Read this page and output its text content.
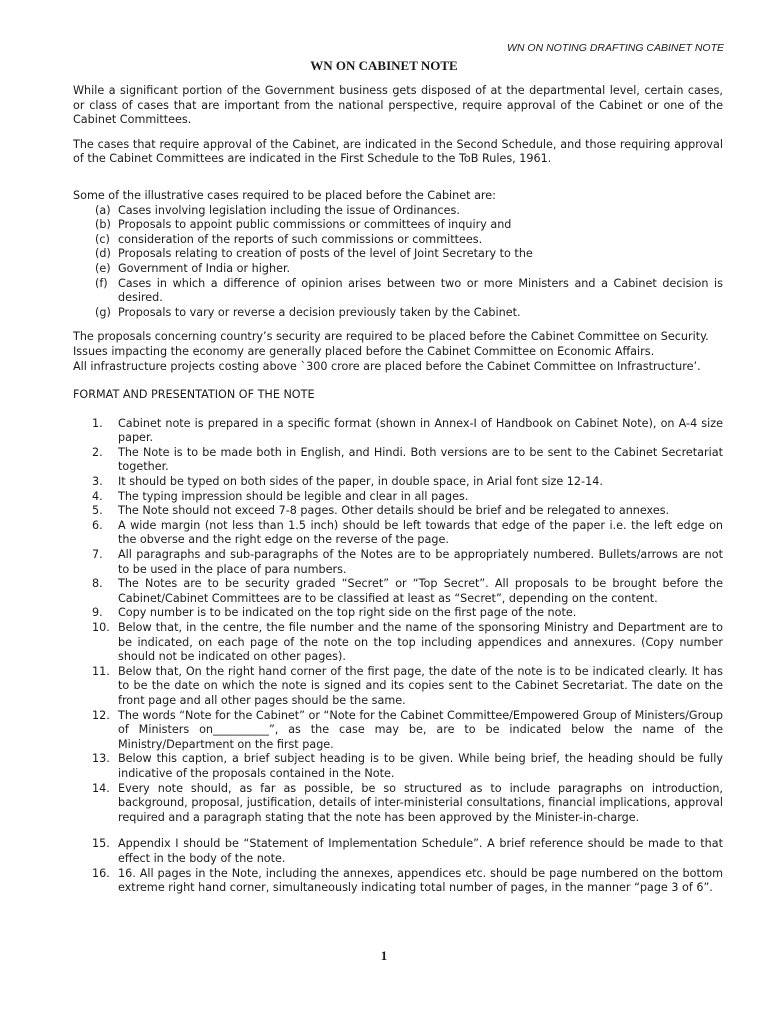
WN ON NOTING DRAFTING CABINET NOTE
WN ON CABINET NOTE

While a significant portion of the Government business gets disposed of at the departmental level, certain cases, or class of cases that are important from the national perspective, require approval of the Cabinet or one of the Cabinet Committees.

The cases that require approval of the Cabinet, are indicated in the Second Schedule, and those requiring approval of the Cabinet Committees are indicated in the First Schedule to the ToB Rules, 1961.

Some of the illustrative cases required to be placed before the Cabinet are:

(a) Cases involving legislation including the issue of Ordinances.
(b) Proposals to appoint public commissions or committees of inquiry and
(c) consideration of the reports of such commissions or committees.
(d) Proposals relating to creation of posts of the level of Joint Secretary to the
(e) Government of India or higher.
(f) Cases in which a difference of opinion arises between two or more Ministers and a Cabinet decision is desired.
(g) Proposals to vary or reverse a decision previously taken by the Cabinet.

The proposals concerning country’s security are required to be placed before the Cabinet Committee on Security.

Issues impacting the economy are generally placed before the Cabinet Committee on Economic Affairs.

All infrastructure projects costing above `300 crore are placed before the Cabinet Committee on Infrastructure’.

FORMAT AND PRESENTATION OF THE NOTE

1. Cabinet note is prepared in a specific format (shown in Annex-I of Handbook on Cabinet Note), on A-4 size paper.
2. The Note is to be made both in English, and Hindi. Both versions are to be sent to the Cabinet Secretariat together.
3. It should be typed on both sides of the paper, in double space, in Arial font size 12-14.
4. The typing impression should be legible and clear in all pages.
5. The Note should not exceed 7-8 pages. Other details should be brief and be relegated to annexes.
6. A wide margin (not less than 1.5 inch) should be left towards that edge of the paper i.e. the left edge on the obverse and the right edge on the reverse of the page.
7. All paragraphs and sub-paragraphs of the Notes are to be appropriately numbered. Bullets/arrows are not to be used in the place of para numbers.
8. The Notes are to be security graded “Secret” or “Top Secret”. All proposals to be brought before the Cabinet/Cabinet Committees are to be classified at least as “Secret”, depending on the content.
9. Copy number is to be indicated on the top right side on the first page of the note.
10. Below that, in the centre, the file number and the name of the sponsoring Ministry and Department are to be indicated, on each page of the note on the top including appendices and annexures. (Copy number should not be indicated on other pages).
11. Below that, On the right hand corner of the first page, the date of the note is to be indicated clearly. It has to be the date on which the note is signed and its copies sent to the Cabinet Secretariat. The date on the front page and all other pages should be the same.
12. The words “Note for the Cabinet” or “Note for the Cabinet Committee/Empowered Group of Ministers/Group of Ministers on__________”, as the case may be, are to be indicated below the name of the Ministry/Department on the first page.
13. Below this caption, a brief subject heading is to be given. While being brief, the heading should be fully indicative of the proposals contained in the Note.
14. Every note should, as far as possible, be so structured as to include paragraphs on introduction, background, proposal, justification, details of inter-ministerial consultations, financial implications, approval required and a paragraph stating that the note has been approved by the Minister-in-charge.
15. Appendix I should be “Statement of Implementation Schedule”. A brief reference should be made to that effect in the body of the note.
16. 16. All pages in the Note, including the annexes, appendices etc. should be page numbered on the bottom extreme right hand corner, simultaneously indicating total number of pages, in the manner “page 3 of 6”.
1
